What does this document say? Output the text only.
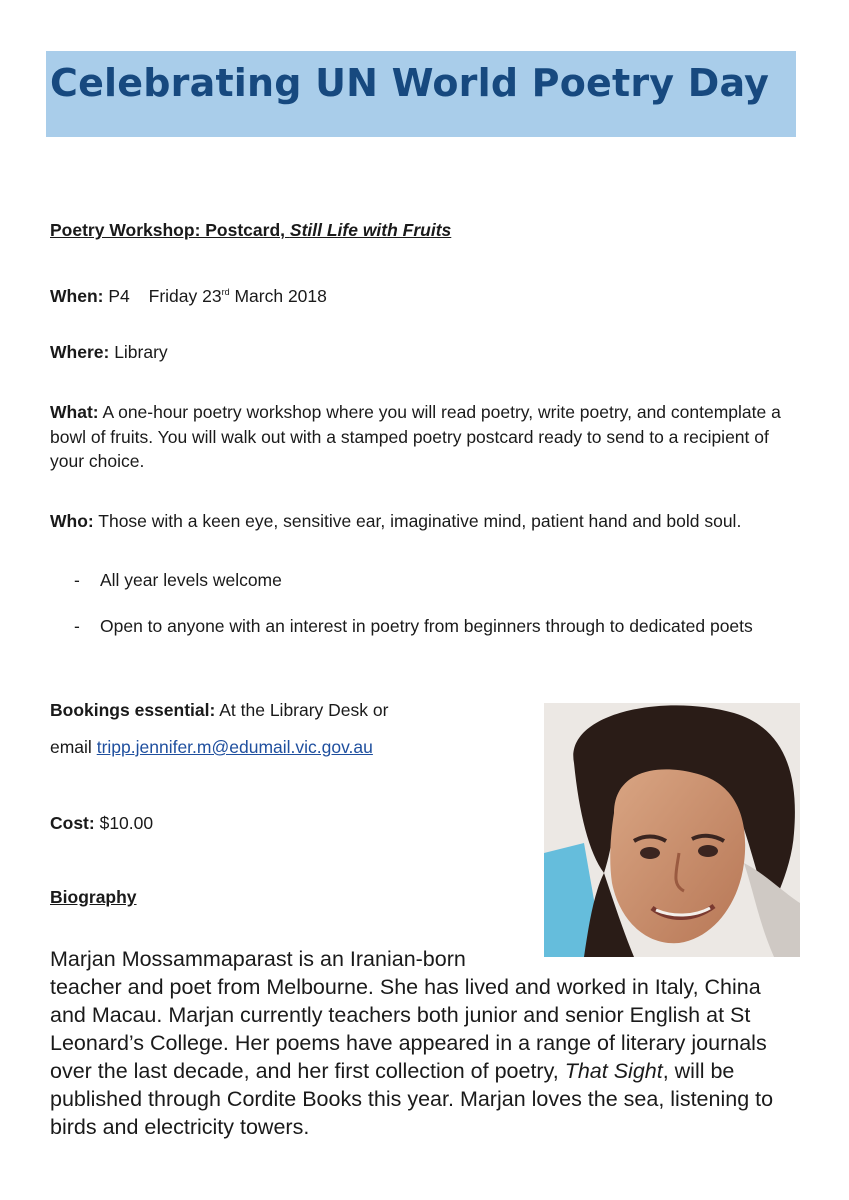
Celebrating UN World Poetry Day
Poetry Workshop: Postcard, Still Life with Fruits
When: P4 Friday 23rd March 2018
Where: Library
What: A one-hour poetry workshop where you will read poetry, write poetry, and contemplate a bowl of fruits. You will walk out with a stamped poetry postcard ready to send to a recipient of your choice.
Who: Those with a keen eye, sensitive ear, imaginative mind, patient hand and bold soul.
- All year levels welcome
- Open to anyone with an interest in poetry from beginners through to dedicated poets
Bookings essential: At the Library Desk or
email tripp.jennifer.m@edumail.vic.gov.au
Cost: $10.00
Biography
Marjan Mossammaparast is an Iranian-born
teacher and poet from Melbourne. She has lived and worked in Italy, China and Macau. Marjan currently teachers both junior and senior English at St Leonard’s College. Her poems have appeared in a range of literary journals over the last decade, and her first collection of poetry, That Sight, will be published through Cordite Books this year. Marjan loves the sea, listening to birds and electricity towers.
